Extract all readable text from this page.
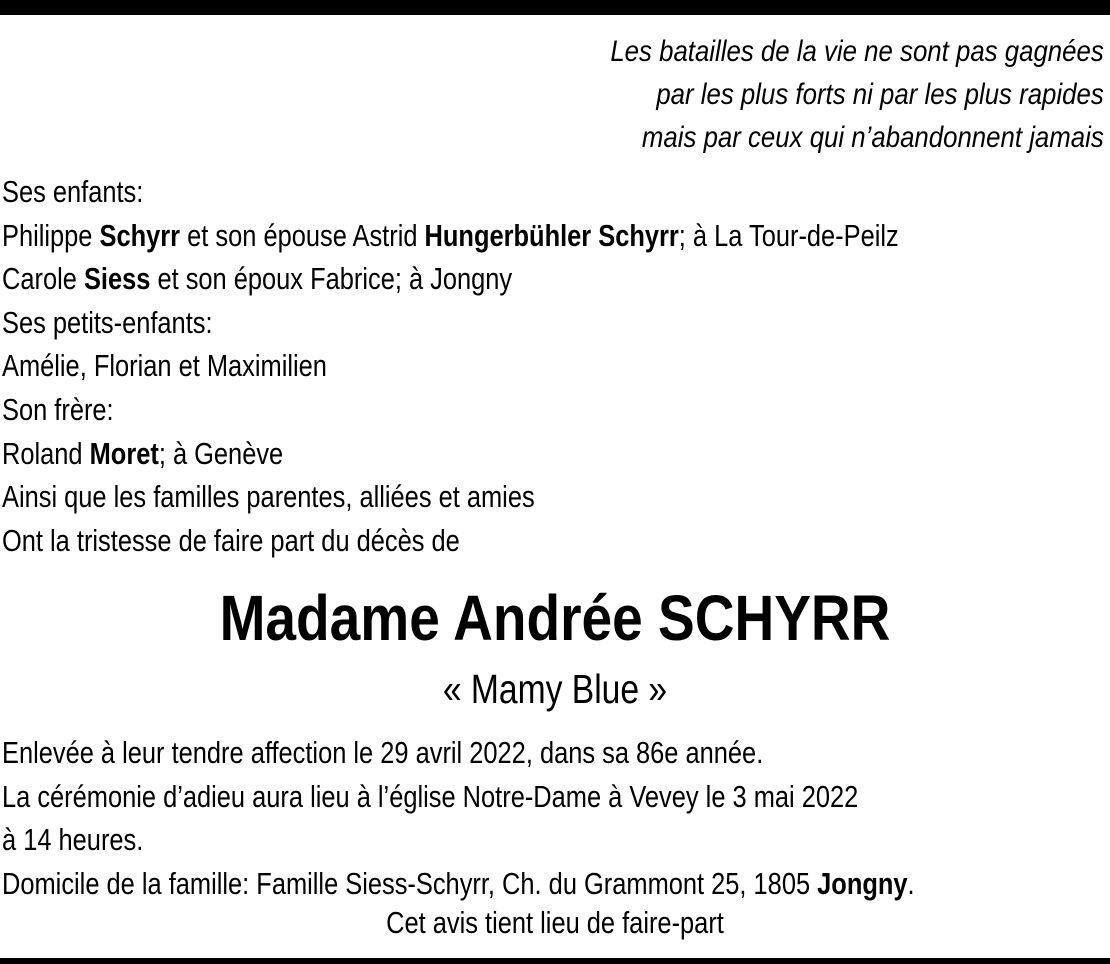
Les batailles de la vie ne sont pas gagnées
par les plus forts ni par les plus rapides
mais par ceux qui n’abandonnent jamais
Ses enfants:
Philippe Schyrr et son épouse Astrid Hungerbühler Schyrr; à La Tour-de-Peilz
Carole Siess et son époux Fabrice; à Jongny
Ses petits-enfants:
Amélie, Florian et Maximilien
Son frère:
Roland Moret; à Genève
Ainsi que les familles parentes, alliées et amies
Ont la tristesse de faire part du décès de
Madame Andrée SCHYRR
« Mamy Blue »
Enlevée à leur tendre affection le 29 avril 2022, dans sa 86e année.
La cérémonie d’adieu aura lieu à l’église Notre-Dame à Vevey le 3 mai 2022
à 14 heures.
Domicile de la famille: Famille Siess-Schyrr, Ch. du Grammont 25, 1805 Jongny.
Cet avis tient lieu de faire-part
